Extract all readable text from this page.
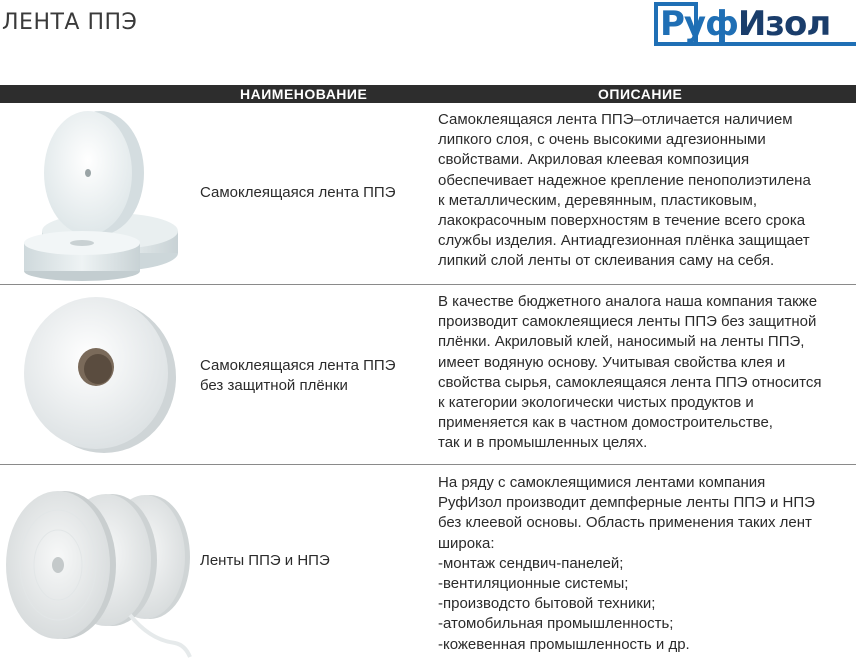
ЛЕНТА ППЭ	РуфИзол
НАИМЕНОВАНИЕ	ОПИСАНИЕ
Самоклеящаяся лента ППЭ
Самоклеящаяся лента ППЭ–отличается наличием
липкого слоя, с очень высокими адгезионными
свойствами. Акриловая клеевая композиция
обеспечивает надежное крепление пенополиэтилена
к металлическим, деревянным, пластиковым,
лакокрасочным поверхностям в течение всего срока
службы изделия. Антиадгезионная плёнка защищает
липкий слой ленты от склеивания саму на себя.
Самоклеящаяся лента ППЭ
без защитной плёнки
В качестве бюджетного аналога наша компания также
производит самоклеящиеся ленты ППЭ без защитной
плёнки. Акриловый клей, наносимый на ленты ППЭ,
имеет водяную основу. Учитывая свойства клея и
свойства сырья, самоклеящаяся лента ППЭ относится
к категории экологически чистых продуктов и
применяется как в частном домостроительстве,
так и в промышленных целях.
Ленты ППЭ и НПЭ
На ряду с самоклеящимися лентами компания
РуфИзол производит демпферные ленты ППЭ и НПЭ
без клеевой основы. Область применения таких лент
широка:
-монтаж сендвич-панелей;
-вентиляционные системы;
-производсто бытовой техники;
-атомобильная промышленность;
-кожевенная промышленность и др.
